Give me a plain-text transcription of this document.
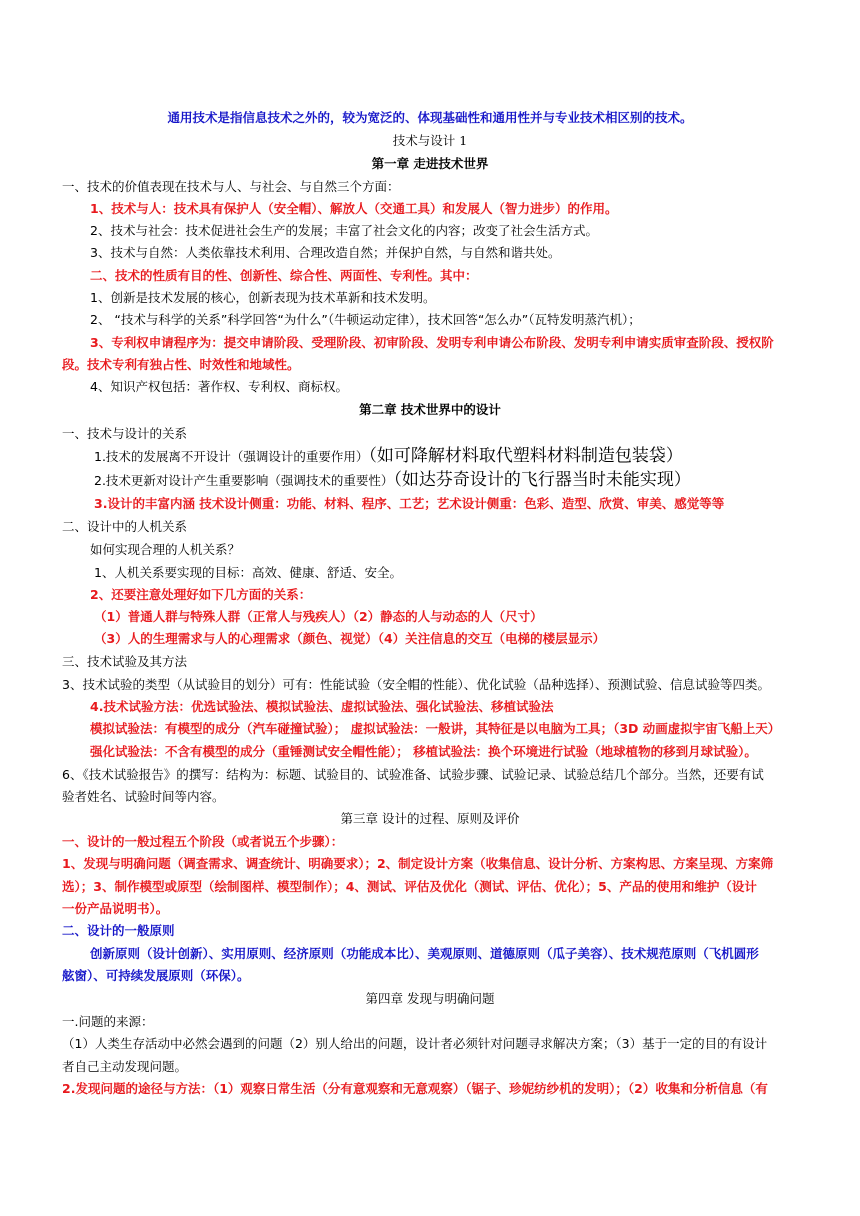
通用技术是指信息技术之外的，较为宽泛的、体现基础性和通用性并与专业技术相区别的技术。
技术与设计 1
第一章 走进技术世界
一、技术的价值表现在技术与人、与社会、与自然三个方面：
1、技术与人：技术具有保护人（安全帽）、解放人（交通工具）和发展人（智力进步）的作用。
2、技术与社会：技术促进社会生产的发展；丰富了社会文化的内容；改变了社会生活方式。
3、技术与自然：人类依靠技术利用、合理改造自然；并保护自然，与自然和谐共处。
二、技术的性质有目的性、创新性、综合性、两面性、专利性。其中：
1、创新是技术发展的核心，创新表现为技术革新和技术发明。
2、 “技术与科学的关系”科学回答“为什么”（牛顿运动定律），技术回答“怎么办”（瓦特发明蒸汽机）；
3、专利权申请程序为：提交申请阶段、受理阶段、初审阶段、发明专利申请公布阶段、发明专利申请实质审查阶段、授权阶
段。技术专利有独占性、时效性和地域性。
4、知识产权包括：著作权、专利权、商标权。
第二章 技术世界中的设计
一、技术与设计的关系
1.技术的发展离不开设计（强调设计的重要作用）（如可降解材料取代塑料材料制造包装袋）
2.技术更新对设计产生重要影响（强调技术的重要性）（如达芬奇设计的飞行器当时未能实现）
3.设计的丰富内涵 技术设计侧重：功能、材料、程序、工艺；艺术设计侧重：色彩、造型、欣赏、审美、感觉等等
二、设计中的人机关系
如何实现合理的人机关系？
1、人机关系要实现的目标：高效、健康、舒适、安全。
2、还要注意处理好如下几方面的关系：
（1）普通人群与特殊人群（正常人与残疾人）（2）静态的人与动态的人（尺寸）
（3）人的生理需求与人的心理需求（颜色、视觉）（4）关注信息的交互（电梯的楼层显示）
三、技术试验及其方法
3、技术试验的类型（从试验目的划分）可有：性能试验（安全帽的性能）、优化试验（品种选择）、预测试验、信息试验等四类。
4.技术试验方法：优选试验法、模拟试验法、虚拟试验法、强化试验法、移植试验法
模拟试验法：有模型的成分（汽车碰撞试验）； 虚拟试验法：一般讲，其特征是以电脑为工具；（3D 动画虚拟宇宙飞船上天）
强化试验法：不含有模型的成分（重锤测试安全帽性能）； 移植试验法：换个环境进行试验（地球植物的移到月球试验）。
6、《技术试验报告》的撰写：结构为：标题、试验目的、试验准备、试验步骤、试验记录、试验总结几个部分。当然，还要有试
验者姓名、试验时间等内容。
第三章 设计的过程、原则及评价
一、设计的一般过程五个阶段（或者说五个步骤）：
1、发现与明确问题（调查需求、调查统计、明确要求）；2、制定设计方案（收集信息、设计分析、方案构思、方案呈现、方案筛
选）；3、制作模型或原型（绘制图样、模型制作）；4、测试、评估及优化（测试、评估、优化）；5、产品的使用和维护（设计
一份产品说明书）。
二、设计的一般原则
创新原则（设计创新）、实用原则、经济原则（功能成本比）、美观原则、道德原则（瓜子美容）、技术规范原则（飞机圆形
舷窗）、可持续发展原则（环保）。
第四章 发现与明确问题
一.问题的来源：
（1）人类生存活动中必然会遇到的问题（2）别人给出的问题，设计者必须针对问题寻求解决方案；（3）基于一定的目的有设计
者自己主动发现问题。
2.发现问题的途径与方法：（1）观察日常生活（分有意观察和无意观察）（锯子、珍妮纺纱机的发明）；（2）收集和分析信息（有
